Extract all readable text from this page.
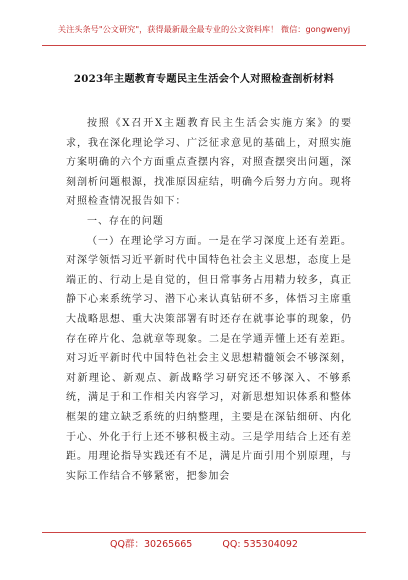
关注头条号"公文研究"，获得最新最全最专业的公文资料库！ 微信：gongwenyj
2023年主题教育专题民主生活会个人对照检查剖析材料

按照《X召开X主题教育民主生活会实施方案》的要求，我在深化理论学习、广泛征求意见的基础上，对照实施方案明确的六个方面重点查摆内容，对照查摆突出问题，深刻剖析问题根源，找准原因症结，明确今后努力方向。现将对照检查情况报告如下：

一、存在的问题

（一）在理论学习方面。一是在学习深度上还有差距。对深学领悟习近平新时代中国特色社会主义思想，态度上是端正的、行动上是自觉的，但日常事务占用精力较多，真正静下心来系统学习、潜下心来认真钻研不多，体悟习主席重大战略思想、重大决策部署有时还存在就事论事的现象，仍存在碎片化、急就章等现象。二是在学通弄懂上还有差距。对习近平新时代中国特色社会主义思想精髓领会不够深刻，对新理论、新观点、新战略学习研究还不够深入、不够系统，满足于和工作相关内容学习，对新思想知识体系和整体框架的建立缺乏系统的归纳整理，主要是在深钻细研、内化于心、外化于行上还不够积极主动。三是学用结合上还有差距。用理论指导实践还有不足，满足片面引用个别原理，与实际工作结合不够紧密，把参加会

QQ群：30265665	QQ: 535304092
